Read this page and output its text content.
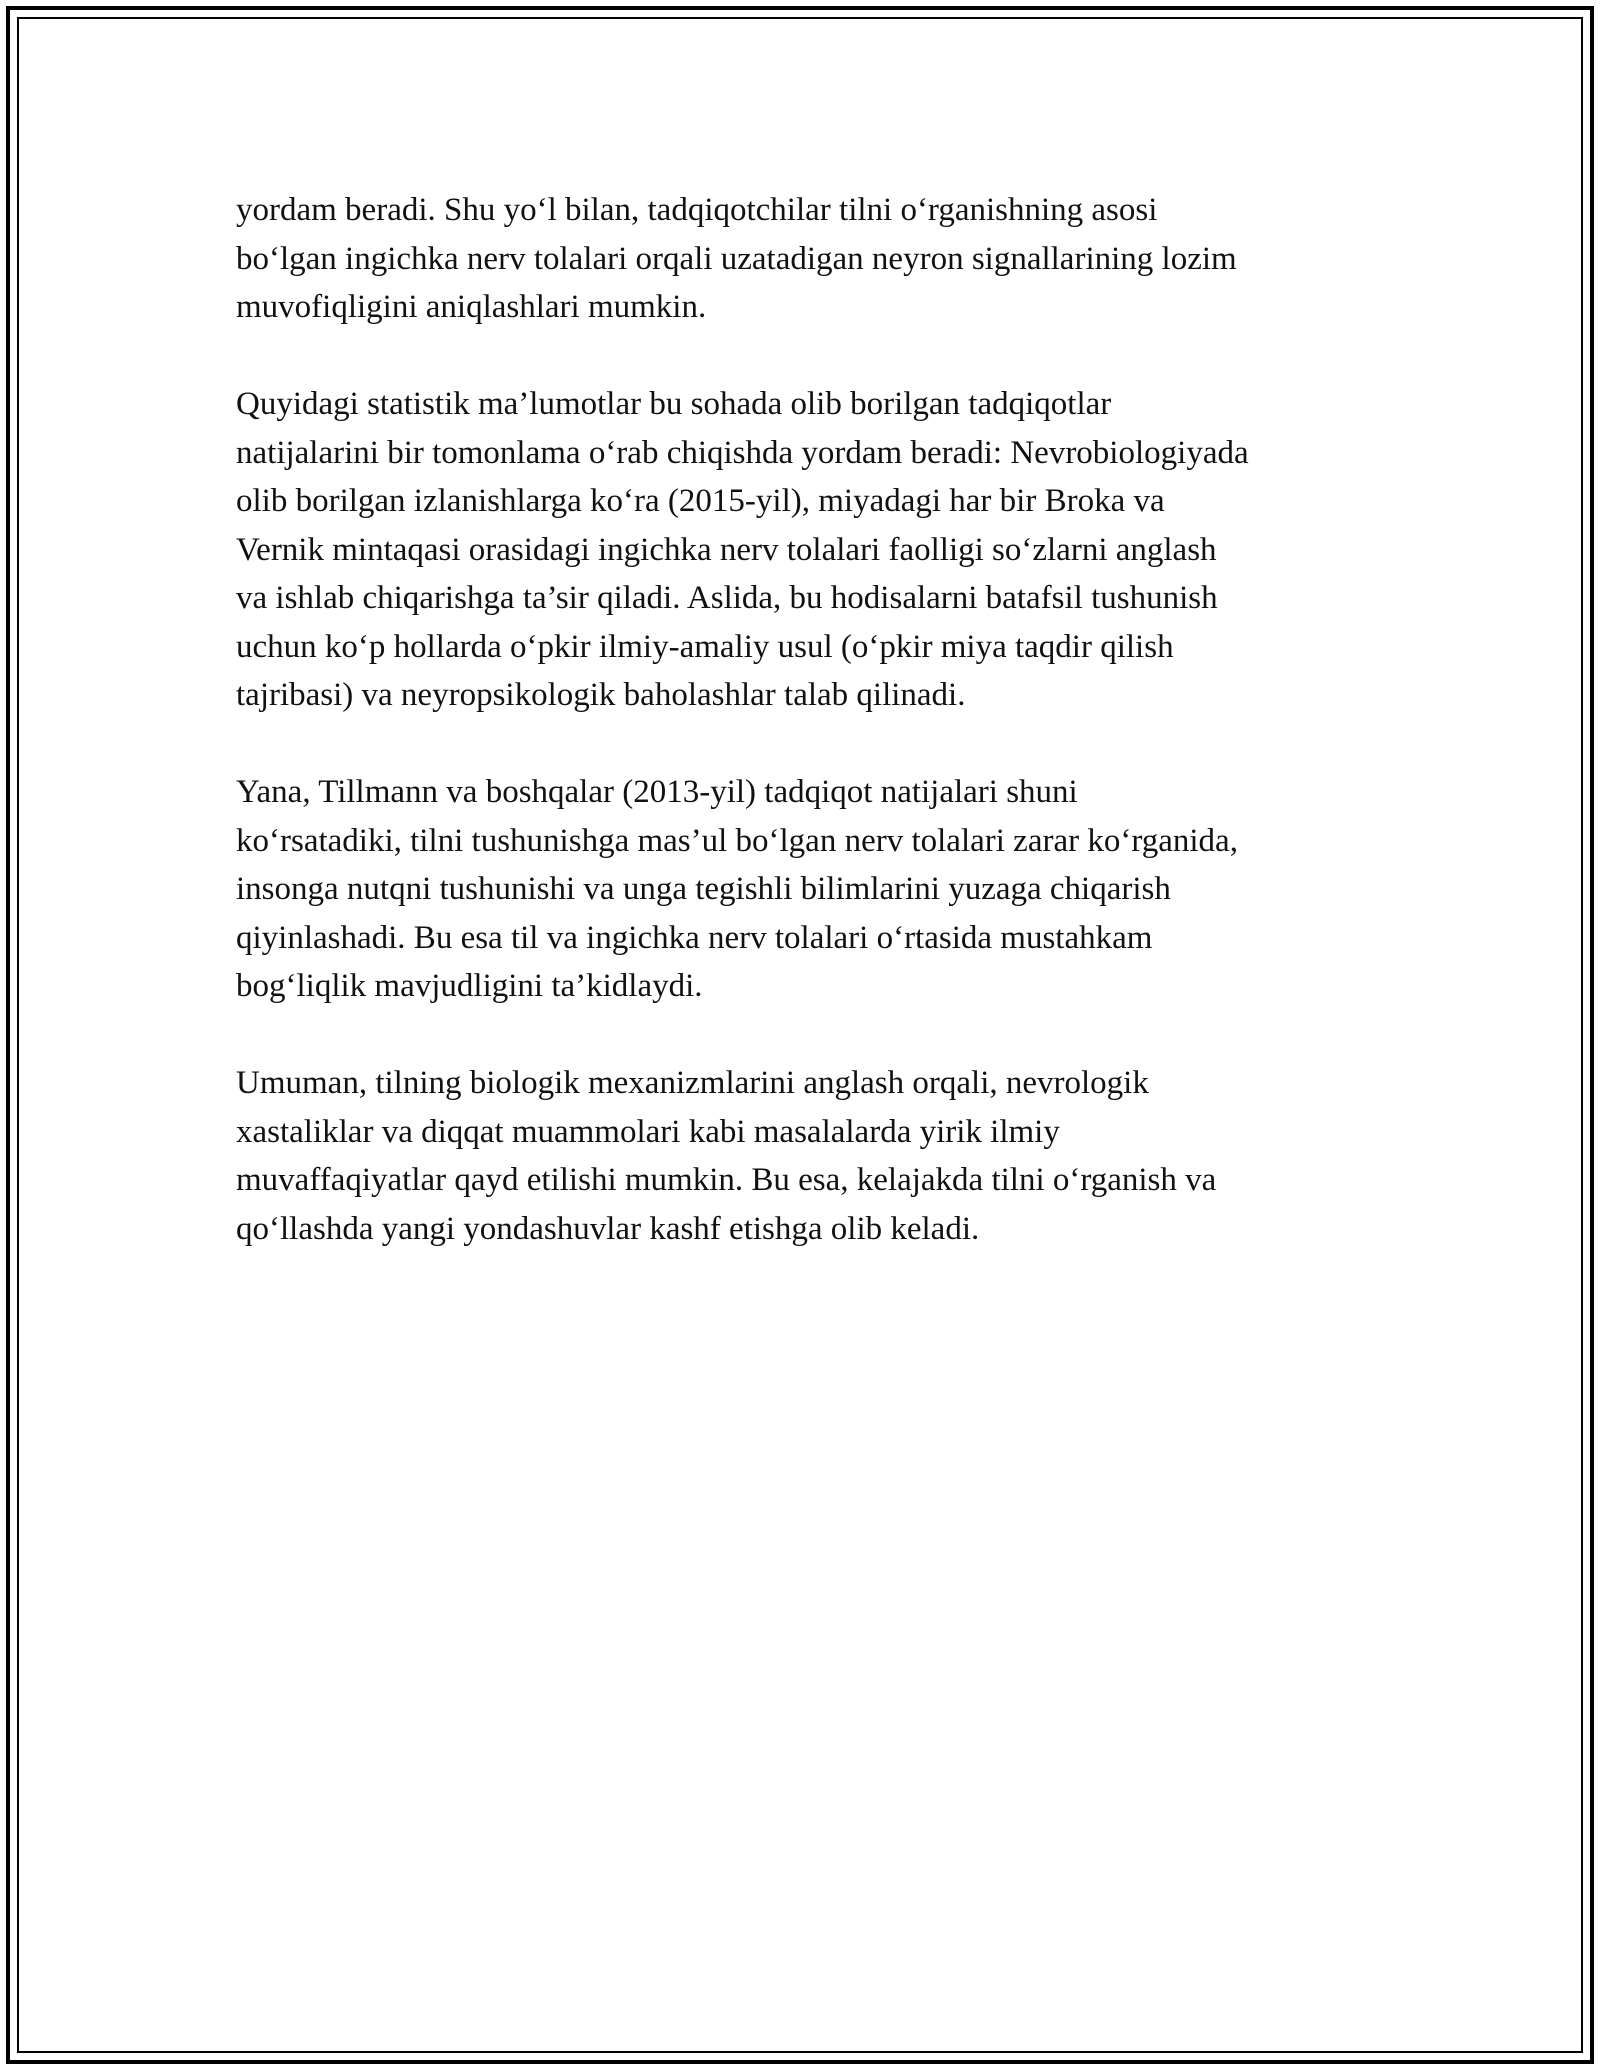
yordam beradi. Shu yo‘l bilan, tadqiqotchilar tilni o‘rganishning asosi
bo‘lgan ingichka nerv tolalari orqali uzatadigan neyron signallarining lozim
muvofiqligini aniqlashlari mumkin.

Quyidagi statistik ma’lumotlar bu sohada olib borilgan tadqiqotlar
natijalarini bir tomonlama o‘rab chiqishda yordam beradi: Nevrobiologiyada
olib borilgan izlanishlarga ko‘ra (2015-yil), miyadagi har bir Broka va
Vernik mintaqasi orasidagi ingichka nerv tolalari faolligi so‘zlarni anglash
va ishlab chiqarishga ta’sir qiladi. Aslida, bu hodisalarni batafsil tushunish
uchun ko‘p hollarda o‘pkir ilmiy-amaliy usul (o‘pkir miya taqdir qilish
tajribasi) va neyropsikologik baholashlar talab qilinadi.

Yana, Tillmann va boshqalar (2013-yil) tadqiqot natijalari shuni
ko‘rsatadiki, tilni tushunishga mas’ul bo‘lgan nerv tolalari zarar ko‘rganida,
insonga nutqni tushunishi va unga tegishli bilimlarini yuzaga chiqarish
qiyinlashadi. Bu esa til va ingichka nerv tolalari o‘rtasida mustahkam
bog‘liqlik mavjudligini ta’kidlaydi.

Umuman, tilning biologik mexanizmlarini anglash orqali, nevrologik
xastaliklar va diqqat muammolari kabi masalalarda yirik ilmiy
muvaffaqiyatlar qayd etilishi mumkin. Bu esa, kelajakda tilni o‘rganish va
qo‘llashda yangi yondashuvlar kashf etishga olib keladi.
